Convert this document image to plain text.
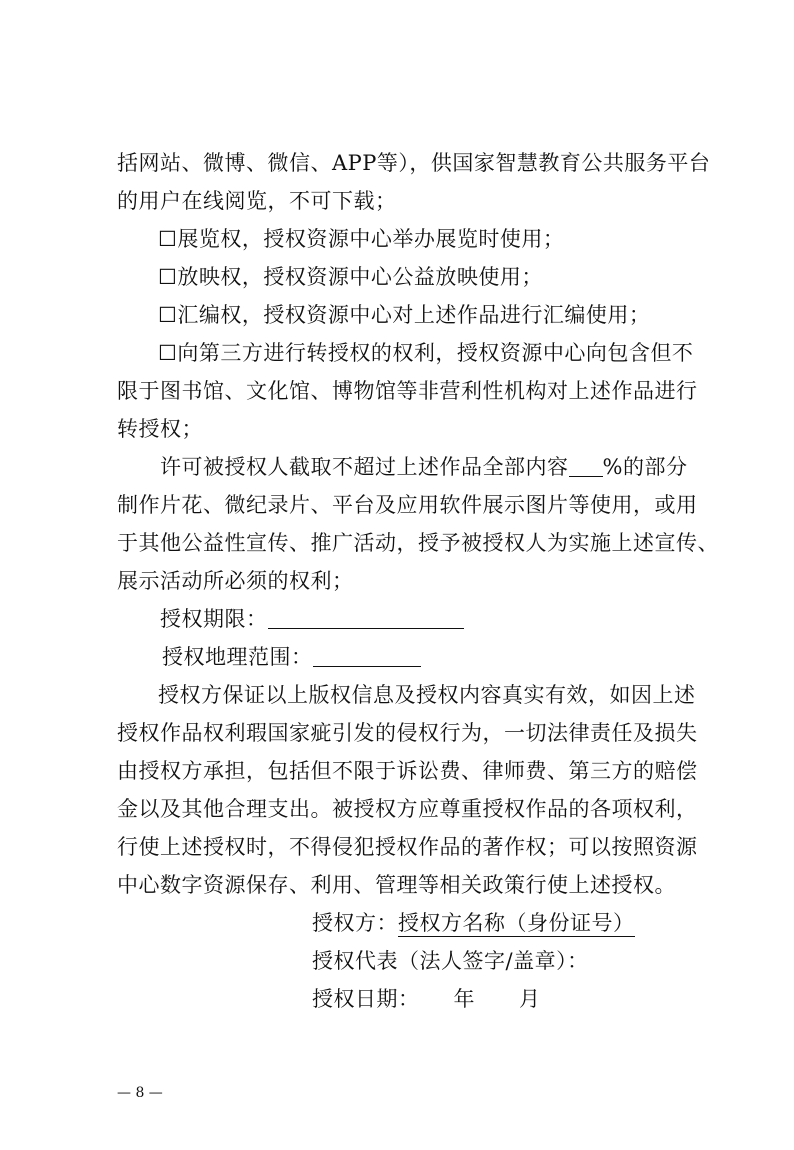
括网站、微博、微信、APP等），供国家智慧教育公共服务平台
的用户在线阅览，不可下载；
☐展览权，授权资源中心举办展览时使用；
☐放映权，授权资源中心公益放映使用；
☐汇编权，授权资源中心对上述作品进行汇编使用；
☐向第三方进行转授权的权利，授权资源中心向包含但不
限于图书馆、文化馆、博物馆等非营利性机构对上述作品进行
转授权；
许可被授权人截取不超过上述作品全部内容 %的部分
制作片花、微纪录片、平台及应用软件展示图片等使用，或用
于其他公益性宣传、推广活动，授予被授权人为实施上述宣传、
展示活动所必须的权利；
授权期限：
授权地理范围：
授权方保证以上版权信息及授权内容真实有效，如因上述
授权作品权利瑕国家疵引发的侵权行为，一切法律责任及损失
由授权方承担，包括但不限于诉讼费、律师费、第三方的赔偿
金以及其他合理支出。被授权方应尊重授权作品的各项权利，
行使上述授权时，不得侵犯授权作品的著作权；可以按照资源
中心数字资源保存、利用、管理等相关政策行使上述授权。
授权方：授权方名称（身份证号）
授权代表（法人签字/盖章）：
授权日期： 年 月
— 8 —
